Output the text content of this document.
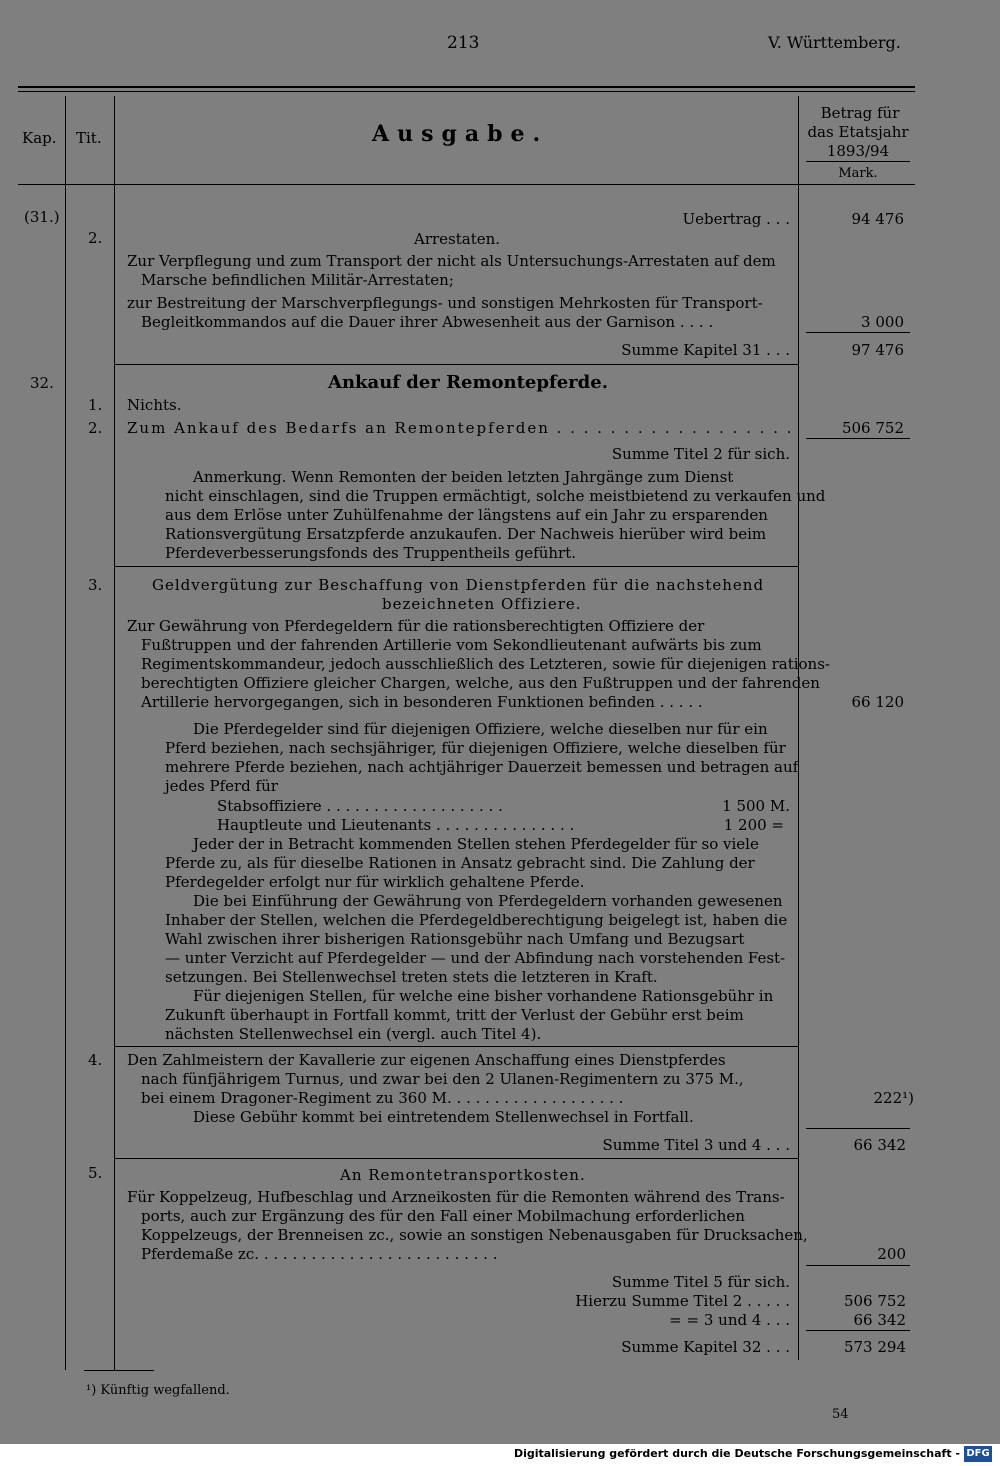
213	V. Württemberg.
Kap. Tit.	Ausgabe.
Betrag für
das Etatsjahr
1893/94
Mark.
(31.)
2.
Uebertrag . . .	94 476
Arrestaten.
Zur Verpflegung und zum Transport der nicht als Untersuchungs-Arrestaten auf dem
Marsche befindlichen Militär-Arrestaten;
zur Bestreitung der Marschverpflegungs- und sonstigen Mehrkosten für Transport-
Begleitkommandos auf die Dauer ihrer Abwesenheit aus der Garnison . . . .	3 000
Summe Kapitel 31 . . .	97 476
32.	Ankauf der Remontepferde.
1. Nichts.
2. Zum Ankauf des Bedarfs an Remontepferden . . . . . . . . . . . . . . . . . .	506 752
Summe Titel 2 für sich.
Anmerkung. Wenn Remonten der beiden letzten Jahrgänge zum Dienst
nicht einschlagen, sind die Truppen ermächtigt, solche meistbietend zu verkaufen und
aus dem Erlöse unter Zuhülfenahme der längstens auf ein Jahr zu ersparenden
Rationsvergütung Ersatzpferde anzukaufen. Der Nachweis hierüber wird beim
Pferdeverbesserungsfonds des Truppentheils geführt.
3.	Geldvergütung zur Beschaffung von Dienstpferden für die nachstehend
bezeichneten Offiziere.
Zur Gewährung von Pferdegeldern für die rationsberechtigten Offiziere der
Fußtruppen und der fahrenden Artillerie vom Sekondlieutenant aufwärts bis zum
Regimentskommandeur, jedoch ausschließlich des Letzteren, sowie für diejenigen rations-
berechtigten Offiziere gleicher Chargen, welche, aus den Fußtruppen und der fahrenden
Artillerie hervorgegangen, sich in besonderen Funktionen befinden . . . . .	66 120
Die Pferdegelder sind für diejenigen Offiziere, welche dieselben nur für ein
Pferd beziehen, nach sechsjähriger, für diejenigen Offiziere, welche dieselben für
mehrere Pferde beziehen, nach achtjähriger Dauerzeit bemessen und betragen auf
jedes Pferd für
Stabsoffiziere . . . . . . . . . . . . . . . . . . .	1 500 M.
Hauptleute und Lieutenants . . . . . . . . . . . . . . .	1 200 =
Jeder der in Betracht kommenden Stellen stehen Pferdegelder für so viele
Pferde zu, als für dieselbe Rationen in Ansatz gebracht sind. Die Zahlung der
Pferdegelder erfolgt nur für wirklich gehaltene Pferde.
Die bei Einführung der Gewährung von Pferdegeldern vorhanden gewesenen
Inhaber der Stellen, welchen die Pferdegeldberechtigung beigelegt ist, haben die
Wahl zwischen ihrer bisherigen Rationsgebühr nach Umfang und Bezugsart
— unter Verzicht auf Pferdegelder — und der Abfindung nach vorstehenden Fest-
setzungen. Bei Stellenwechsel treten stets die letzteren in Kraft.
Für diejenigen Stellen, für welche eine bisher vorhandene Rationsgebühr in
Zukunft überhaupt in Fortfall kommt, tritt der Verlust der Gebühr erst beim
nächsten Stellenwechsel ein (vergl. auch Titel 4).
4. Den Zahlmeistern der Kavallerie zur eigenen Anschaffung eines Dienstpferdes
nach fünfjährigem Turnus, und zwar bei den 2 Ulanen-Regimentern zu 375 M.,
bei einem Dragoner-Regiment zu 360 M. . . . . . . . . . . . . . . . . . .	222¹)
Diese Gebühr kommt bei eintretendem Stellenwechsel in Fortfall.
Summe Titel 3 und 4 . . .	66 342
5.	An Remontetransportkosten.
Für Koppelzeug, Hufbeschlag und Arzneikosten für die Remonten während des Trans-
ports, auch zur Ergänzung des für den Fall einer Mobilmachung erforderlichen
Koppelzeugs, der Brenneisen zc., sowie an sonstigen Nebenausgaben für Drucksachen,
Pferdemaße zc. . . . . . . . . . . . . . . . . . . . . . . . . .	200
Summe Titel 5 für sich.
Hierzu Summe Titel 2 . . . . .	506 752
= = 3 und 4 . . .	66 342
Summe Kapitel 32 . . .	573 294
¹) Künftig wegfallend.
54
Digitalisierung gefördert durch die Deutsche Forschungsgemeinschaft - DFG
